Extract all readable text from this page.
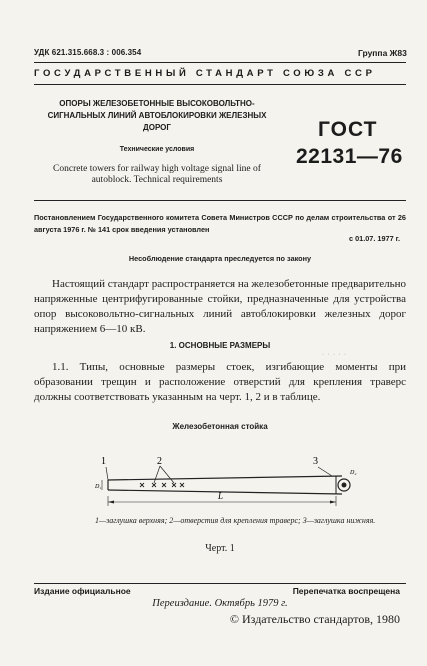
УДК 621.315.668.3 : 006.354	Группа Ж83
ГОСУДАРСТВЕННЫЙ СТАНДАРТ СОЮЗА ССР
ОПОРЫ ЖЕЛЕЗОБЕТОННЫЕ ВЫСОКОВОЛЬТНО-СИГНАЛЬНЫХ ЛИНИЙ АВТОБЛОКИРОВКИ ЖЕЛЕЗНЫХ ДОРОГ
Технические условия
Concrete towers for railway high voltage signal line of autoblock. Technical requirements
ГОСТ
22131—76
Постановлением Государственного комитета Совета Министров СССР по делам строительства от 26 августа 1976 г. № 141 срок введения установлен
с 01.07. 1977 г.
Несоблюдение стандарта преследуется по закону
Настоящий стандарт распространяется на железобетонные предварительно напряженные центрифугированные стойки, предназначенные для устройства опор высоковольтно-сигнальных линий автоблокировки железных дорог напряжением 6—10 кВ.
1. ОСНОВНЫЕ РАЗМЕРЫ
· · · · ·
1.1. Типы, основные размеры стоек, изгибающие моменты при образовании трещин и расположение отверстий для крепления траверс должны соответствовать указанным на черт. 1, 2 и в таблице.
Железобетонная стойка
1	2	3
L
D₁
D₂
1—заглушка верхняя; 2—отверстия для крепления траверс; 3—заглушка нижняя.
Черт. 1
Издание официальное	Перепечатка воспрещена
Переиздание. Октябрь 1979 г.
© Издательство стандартов, 1980
